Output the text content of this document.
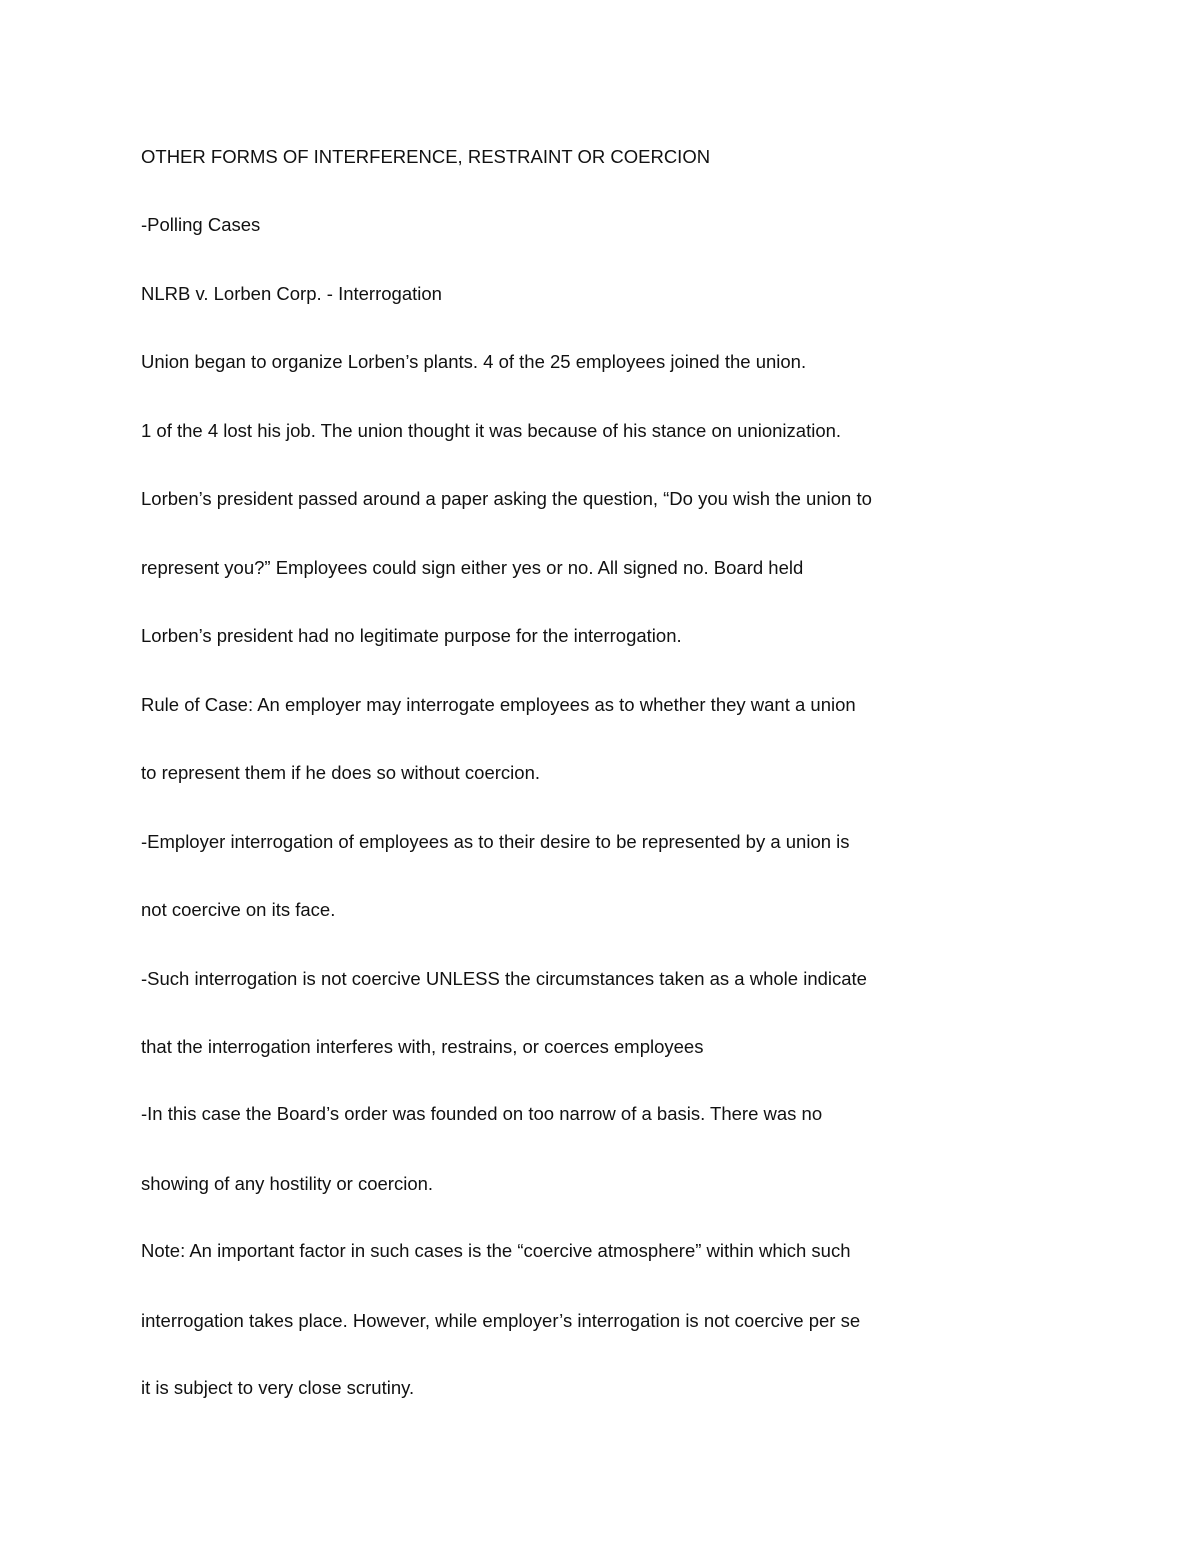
OTHER FORMS OF INTERFERENCE, RESTRAINT OR COERCION

-Polling Cases

NLRB v. Lorben Corp. - Interrogation

Union began to organize Lorben’s plants. 4 of the 25 employees joined the union.

1 of the 4 lost his job. The union thought it was because of his stance on unionization.

Lorben’s president passed around a paper asking the question, “Do you wish the union to

represent you?” Employees could sign either yes or no. All signed no. Board held

Lorben’s president had no legitimate purpose for the interrogation.

Rule of Case: An employer may interrogate employees as to whether they want a union

to represent them if he does so without coercion.

-Employer interrogation of employees as to their desire to be represented by a union is

not coercive on its face.

-Such interrogation is not coercive UNLESS the circumstances taken as a whole indicate

that the interrogation interferes with, restrains, or coerces employees

-In this case the Board’s order was founded on too narrow of a basis. There was no

showing of any hostility or coercion.

Note: An important factor in such cases is the “coercive atmosphere” within which such

interrogation takes place. However, while employer’s interrogation is not coercive per se

it is subject to very close scrutiny.
